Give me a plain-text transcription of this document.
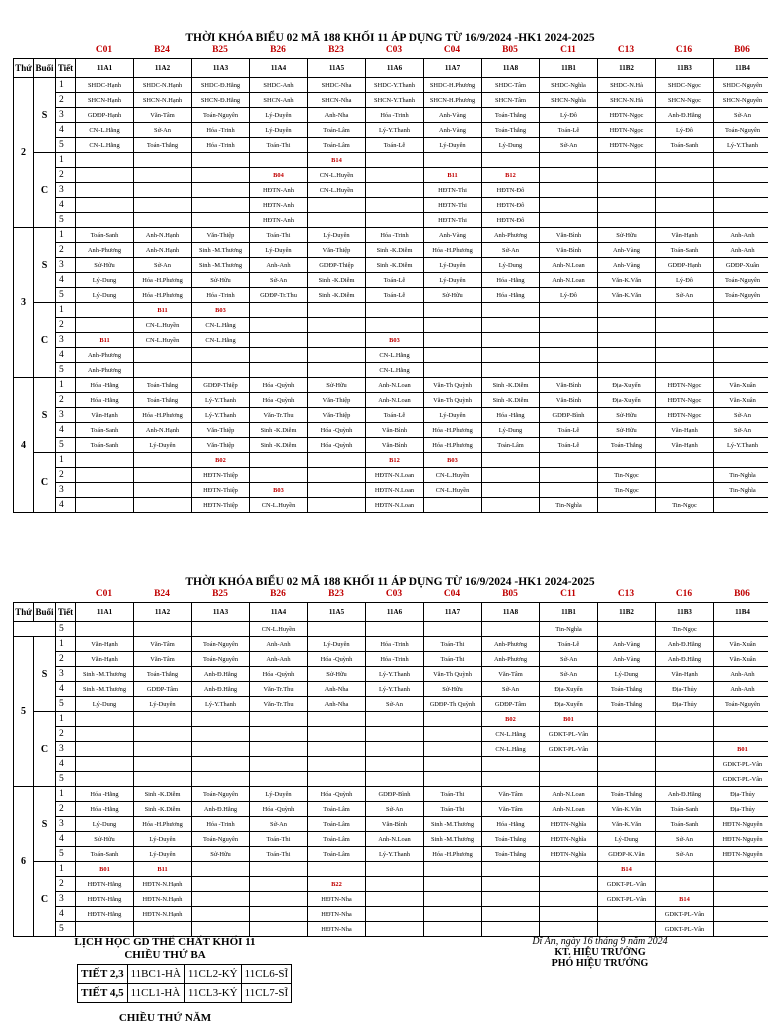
THỜI KHÓA BIỂU 02 MÃ 188 KHỐI 11 ÁP DỤNG TỪ 16/9/2024 -HK1 2024-2025
C01	B24	B25	B26	B23	C03	C04	B05	C11	C13	C16	B06
Thứ	Buổi	Tiết	11A1	11A2	11A3	11A4	11A5	11A6	11A7	11A8	11B1	11B2	11B3	11B4
2	S	1	SHDC-Hạnh	SHDC-N.Hạnh	SHDC-Đ.Hằng	SHDC-Anh	SHDC-Nha	SHDC-Y.Thanh	SHDC-H.Phương	SHDC-Tâm	SHDC-Nghĩa	SHDC-N.Hà	SHDC-Ngọc	SHDC-Nguyên
		2	SHCN-Hạnh	SHCN-N.Hạnh	SHCN-Đ.Hằng	SHCN-Anh	SHCN-Nha	SHCN-Y.Thanh	SHCN-H.Phương	SHCN-Tâm	SHCN-Nghĩa	SHCN-N.Hà	SHCN-Ngọc	SHCN-Nguyên
		3	GDĐP-Hạnh	Văn-Tâm	Toán-Nguyên	Lý-Duyên	Anh-Nha	Hóa -Trinh	Anh-Vàng	Toán-Thắng	Lý-Đô	HĐTN-Ngọc	Anh-Đ.Hằng	Sử-An
		4	CN-L.Hằng	Sử-An	Hóa -Trinh	Lý-Duyên	Toán-Lâm	Lý-Y.Thanh	Anh-Vàng	Toán-Thắng	Toán-Lễ	HĐTN-Ngọc	Lý-Đô	Toán-Nguyên
		5	CN-L.Hằng	Toán-Thắng	Hóa -Trinh	Toán-Thi	Toán-Lâm	Toán-Lễ	Lý-Duyên	Lý-Dung	Sử-An	HĐTN-Ngọc	Toán-Sanh	Lý-Y.Thanh
	C	1					B14							
		2				B04	CN-L.Huyền		B11	B12				
		3				HĐTN-Anh	CN-L.Huyền		HĐTN-Thi	HĐTN-Đô				
		4				HĐTN-Anh			HĐTN-Thi	HĐTN-Đô				
		5				HĐTN-Anh			HĐTN-Thi	HĐTN-Đô				
3	S	1	Toán-Sanh	Anh-N.Hạnh	Văn-Thiệp	Toán-Thi	Lý-Duyên	Hóa -Trinh	Anh-Vàng	Anh-Phương	Văn-Bình	Sử-Hữu	Văn-Hạnh	Anh-Anh
		2	Anh-Phương	Anh-N.Hạnh	Sinh -M.Thương	Lý-Duyên	Văn-Thiệp	Sinh -K.Diễm	Hóa -H.Phương	Sử-An	Văn-Bình	Anh-Vàng	Toán-Sanh	Anh-Anh
		3	Sử-Hữu	Sử-An	Sinh -M.Thương	Anh-Anh	GDĐP-Thiệp	Sinh -K.Diễm	Lý-Duyên	Lý-Dung	Anh-N.Loan	Anh-Vàng	GDĐP-Hạnh	GDĐP-Xuân
		4	Lý-Dung	Hóa -H.Phương	Sử-Hữu	Sử-An	Sinh -K.Diễm	Toán-Lễ	Lý-Duyên	Hóa -Hằng	Anh-N.Loan	Văn-K.Văn	Lý-Đô	Toán-Nguyên
		5	Lý-Dung	Hóa -H.Phương	Hóa -Trinh	GDĐP-Tr.Thu	Sinh -K.Diễm	Toán-Lễ	Sử-Hữu	Hóa -Hằng	Lý-Đô	Văn-K.Văn	Sử-An	Toán-Nguyên
	C	1		B11	B03									
		2		CN-L.Huyền	CN-L.Hằng									
		3	B11	CN-L.Huyền	CN-L.Hằng			B03						
		4	Anh-Phương					CN-L.Hằng						
		5	Anh-Phương					CN-L.Hằng						
4	S	1	Hóa -Hằng	Toán-Thắng	GDĐP-Thiệp	Hóa -Quỳnh	Sử-Hữu	Anh-N.Loan	Văn-Th Quỳnh	Sinh -K.Diễm	Văn-Bình	Địa-Xuyến	HĐTN-Ngọc	Văn-Xuân
		2	Hóa -Hằng	Toán-Thắng	Lý-Y.Thanh	Hóa -Quỳnh	Văn-Thiệp	Anh-N.Loan	Văn-Th Quỳnh	Sinh -K.Diễm	Văn-Bình	Địa-Xuyến	HĐTN-Ngọc	Văn-Xuân
		3	Văn-Hạnh	Hóa -H.Phương	Lý-Y.Thanh	Văn-Tr.Thu	Văn-Thiệp	Toán-Lễ	Lý-Duyên	Hóa -Hằng	GDĐP-Bình	Sử-Hữu	HĐTN-Ngọc	Sử-An
		4	Toán-Sanh	Anh-N.Hạnh	Văn-Thiệp	Sinh -K.Diễm	Hóa -Quỳnh	Văn-Bình	Hóa -H.Phương	Lý-Dung	Toán-Lễ	Sử-Hữu	Văn-Hạnh	Sử-An
		5	Toán-Sanh	Lý-Duyên	Văn-Thiệp	Sinh -K.Diễm	Hóa -Quỳnh	Văn-Bình	Hóa -H.Phương	Toán-Lâm	Toán-Lễ	Toán-Thắng	Văn-Hạnh	Lý-Y.Thanh
	C	1			B02			B12	B03					
		2			HĐTN-Thiệp			HĐTN-N.Loan	CN-L.Huyền			Tin-Ngọc		Tin-Nghĩa
		3			HĐTN-Thiệp	B03		HĐTN-N.Loan	CN-L.Huyền			Tin-Ngọc		Tin-Nghĩa
		4			HĐTN-Thiệp	CN-L.Huyền		HĐTN-N.Loan			Tin-Nghĩa		Tin-Ngọc	
THỜI KHÓA BIỂU 02 MÃ 188 KHỐI 11 ÁP DỤNG TỪ 16/9/2024 -HK1 2024-2025
C01	B24	B25	B26	B23	C03	C04	B05	C11	C13	C16	B06
Thứ	Buổi	Tiết	11A1	11A2	11A3	11A4	11A5	11A6	11A7	11A8	11B1	11B2	11B3	11B4
		5				CN-L.Huyền					Tin-Nghĩa		Tin-Ngọc	
5	S	1	Văn-Hạnh	Văn-Tâm	Toán-Nguyên	Anh-Anh	Lý-Duyên	Hóa -Trinh	Toán-Thi	Anh-Phương	Toán-Lễ	Anh-Vàng	Anh-Đ.Hằng	Văn-Xuân
		2	Văn-Hạnh	Văn-Tâm	Toán-Nguyên	Anh-Anh	Hóa -Quỳnh	Hóa -Trinh	Toán-Thi	Anh-Phương	Sử-An	Anh-Vàng	Anh-Đ.Hằng	Văn-Xuân
		3	Sinh -M.Thương	Toán-Thắng	Anh-Đ.Hằng	Hóa -Quỳnh	Sử-Hữu	Lý-Y.Thanh	Văn-Th Quỳnh	Văn-Tâm	Sử-An	Lý-Dung	Văn-Hạnh	Anh-Anh
		4	Sinh -M.Thương	GDĐP-Tâm	Anh-Đ.Hằng	Văn-Tr.Thu	Anh-Nha	Lý-Y.Thanh	Sử-Hữu	Sử-An	Địa-Xuyến	Toán-Thắng	Địa-Thủy	Anh-Anh
		5	Lý-Dung	Lý-Duyên	Lý-Y.Thanh	Văn-Tr.Thu	Anh-Nha	Sử-An	GDĐP-Th Quỳnh	GDĐP-Tâm	Địa-Xuyến	Toán-Thắng	Địa-Thủy	Toán-Nguyên
	C	1								B02	B01			
		2								CN-L.Hằng	GDKT-PL-Vân			
		3								CN-L.Hằng	GDKT-PL-Vân			B01
		4												GDKT-PL-Vân
		5												GDKT-PL-Vân
6	S	1	Hóa -Hằng	Sinh -K.Diễm	Toán-Nguyên	Lý-Duyên	Hóa -Quỳnh	GDĐP-Bình	Toán-Thi	Văn-Tâm	Anh-N.Loan	Toán-Thắng	Anh-Đ.Hằng	Địa-Thủy
		2	Hóa -Hằng	Sinh -K.Diễm	Anh-Đ.Hằng	Hóa -Quỳnh	Toán-Lâm	Sử-An	Toán-Thi	Văn-Tâm	Anh-N.Loan	Văn-K.Văn	Toán-Sanh	Địa-Thủy
		3	Lý-Dung	Hóa -H.Phương	Hóa -Trinh	Sử-An	Toán-Lâm	Văn-Bình	Sinh -M.Thương	Hóa -Hằng	HĐTN-Nghĩa	Văn-K.Văn	Toán-Sanh	HĐTN-Nguyên
		4	Sử-Hữu	Lý-Duyên	Toán-Nguyên	Toán-Thi	Toán-Lâm	Anh-N.Loan	Sinh -M.Thương	Toán-Thắng	HĐTN-Nghĩa	Lý-Dung	Sử-An	HĐTN-Nguyên
		5	Toán-Sanh	Lý-Duyên	Sử-Hữu	Toán-Thi	Toán-Lâm	Lý-Y.Thanh	Hóa -H.Phương	Toán-Thắng	HĐTN-Nghĩa	GDĐP-K.Văn	Sử-An	HĐTN-Nguyên
	C	1	B01	B11								B14		
		2	HĐTN-Hằng	HĐTN-N.Hạnh			B22					GDKT-PL-Vân		
		3	HĐTN-Hằng	HĐTN-N.Hạnh			HĐTN-Nha					GDKT-PL-Vân	B14	
		4	HĐTN-Hằng	HĐTN-N.Hạnh			HĐTN-Nha						GDKT-PL-Vân	
		5					HĐTN-Nha						GDKT-PL-Vân	
LỊCH HỌC GD THỂ CHẤT KHỐI 11
CHIỀU THỨ BA
TIẾT 2,3	11BC1-HÀ	11CL2-KỶ	11CL6-SĨ
TIẾT 4,5	11CL1-HÀ	11CL3-KỶ	11CL7-SĨ
CHIỀU THỨ NĂM
Dĩ An, ngày 16 tháng 9 năm 2024
KT. HIỆU TRƯỞNG
PHÓ HIỆU TRƯỞNG
